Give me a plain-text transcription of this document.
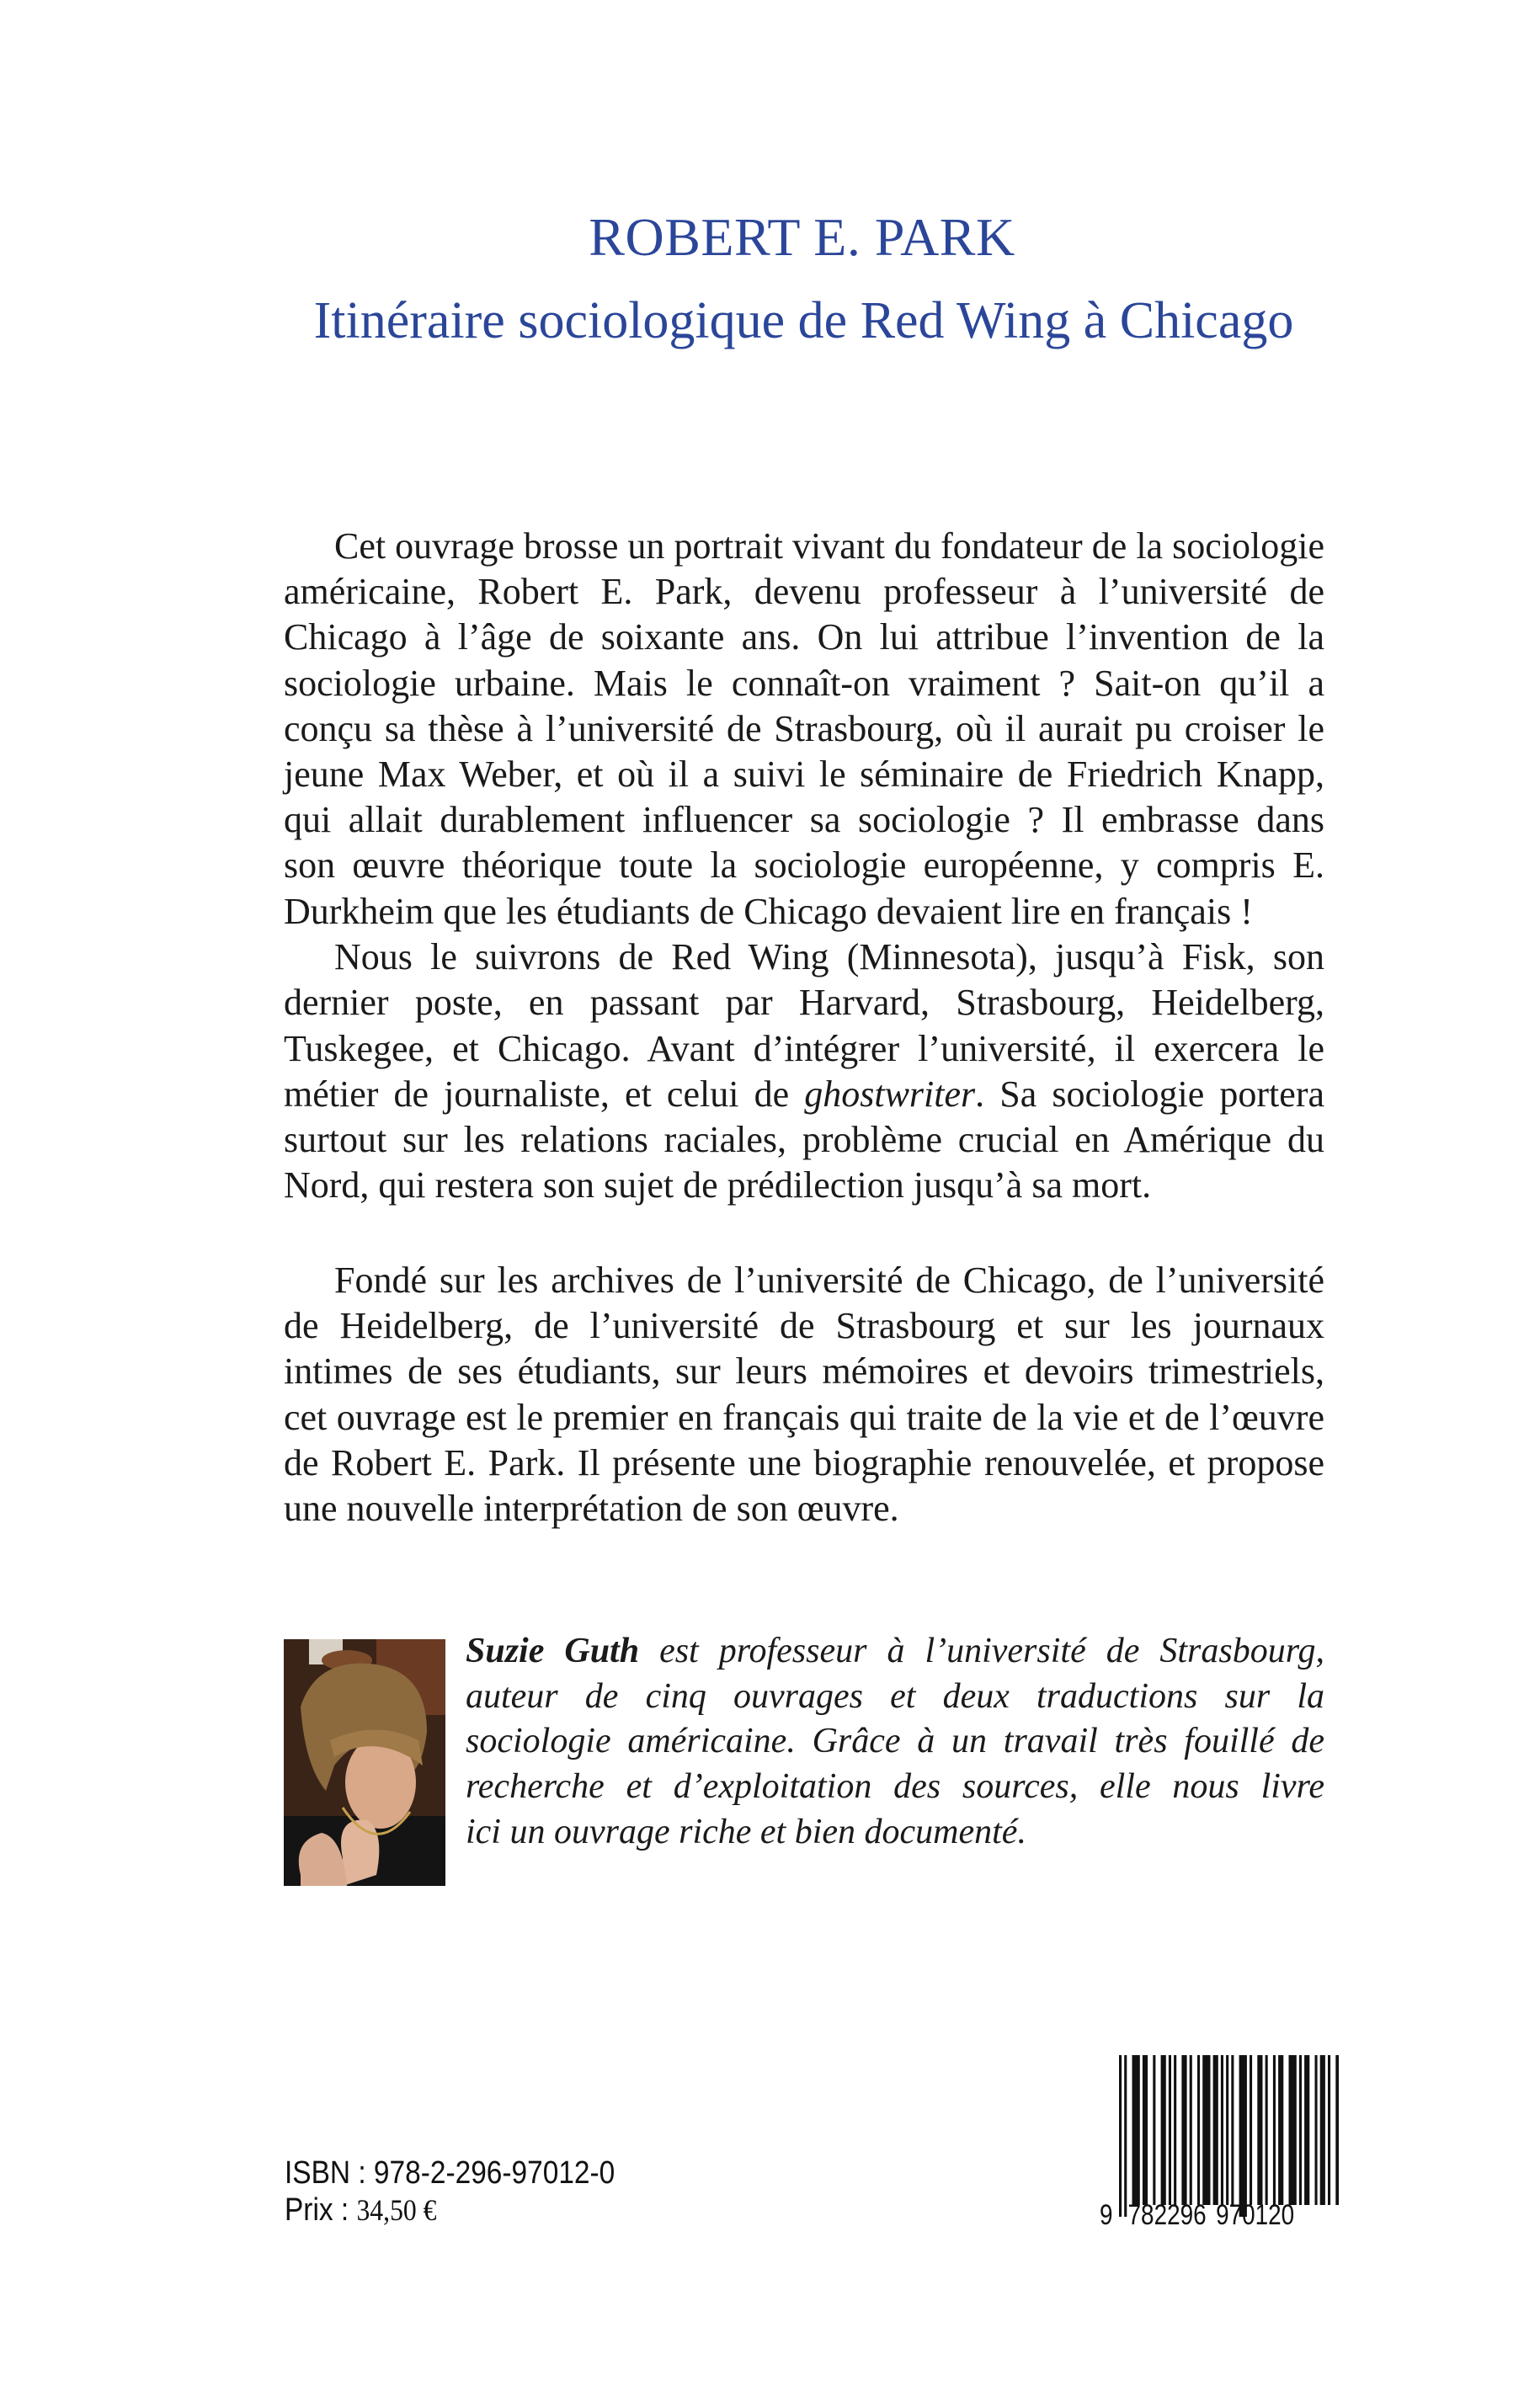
ROBERT E. PARK
Itinéraire sociologique de Red Wing à Chicago
Cet ouvrage brosse un portrait vivant du fondateur de la sociologie
américaine, Robert E. Park, devenu professeur à l’université de
Chicago à l’âge de soixante ans. On lui attribue l’invention de la
sociologie urbaine. Mais le connaît-on vraiment ? Sait-on qu’il a
conçu sa thèse à l’université de Strasbourg, où il aurait pu croiser le
jeune Max Weber, et où il a suivi le séminaire de Friedrich Knapp,
qui allait durablement influencer sa sociologie ? Il embrasse dans
son œuvre théorique toute la sociologie européenne, y compris E.
Durkheim que les étudiants de Chicago devaient lire en français !
Nous le suivrons de Red Wing (Minnesota), jusqu’à Fisk, son
dernier poste, en passant par Harvard, Strasbourg, Heidelberg,
Tuskegee, et Chicago. Avant d’intégrer l’université, il exercera le
métier de journaliste, et celui de ghostwriter. Sa sociologie portera
surtout sur les relations raciales, problème crucial en Amérique du
Nord, qui restera son sujet de prédilection jusqu’à sa mort.
Fondé sur les archives de l’université de Chicago, de l’université
de Heidelberg, de l’université de Strasbourg et sur les journaux
intimes de ses étudiants, sur leurs mémoires et devoirs trimestriels,
cet ouvrage est le premier en français qui traite de la vie et de l’œuvre
de Robert E. Park. Il présente une biographie renouvelée, et propose
une nouvelle interprétation de son œuvre.
Suzie Guth est professeur à l’université de Strasbourg,
auteur de cinq ouvrages et deux traductions sur la
sociologie américaine. Grâce à un travail très fouillé de
recherche et d’exploitation des sources, elle nous livre
ici un ouvrage riche et bien documenté.
ISBN : 978-2-296-97012-0
Prix : 34,50 €	9 782296 970120
